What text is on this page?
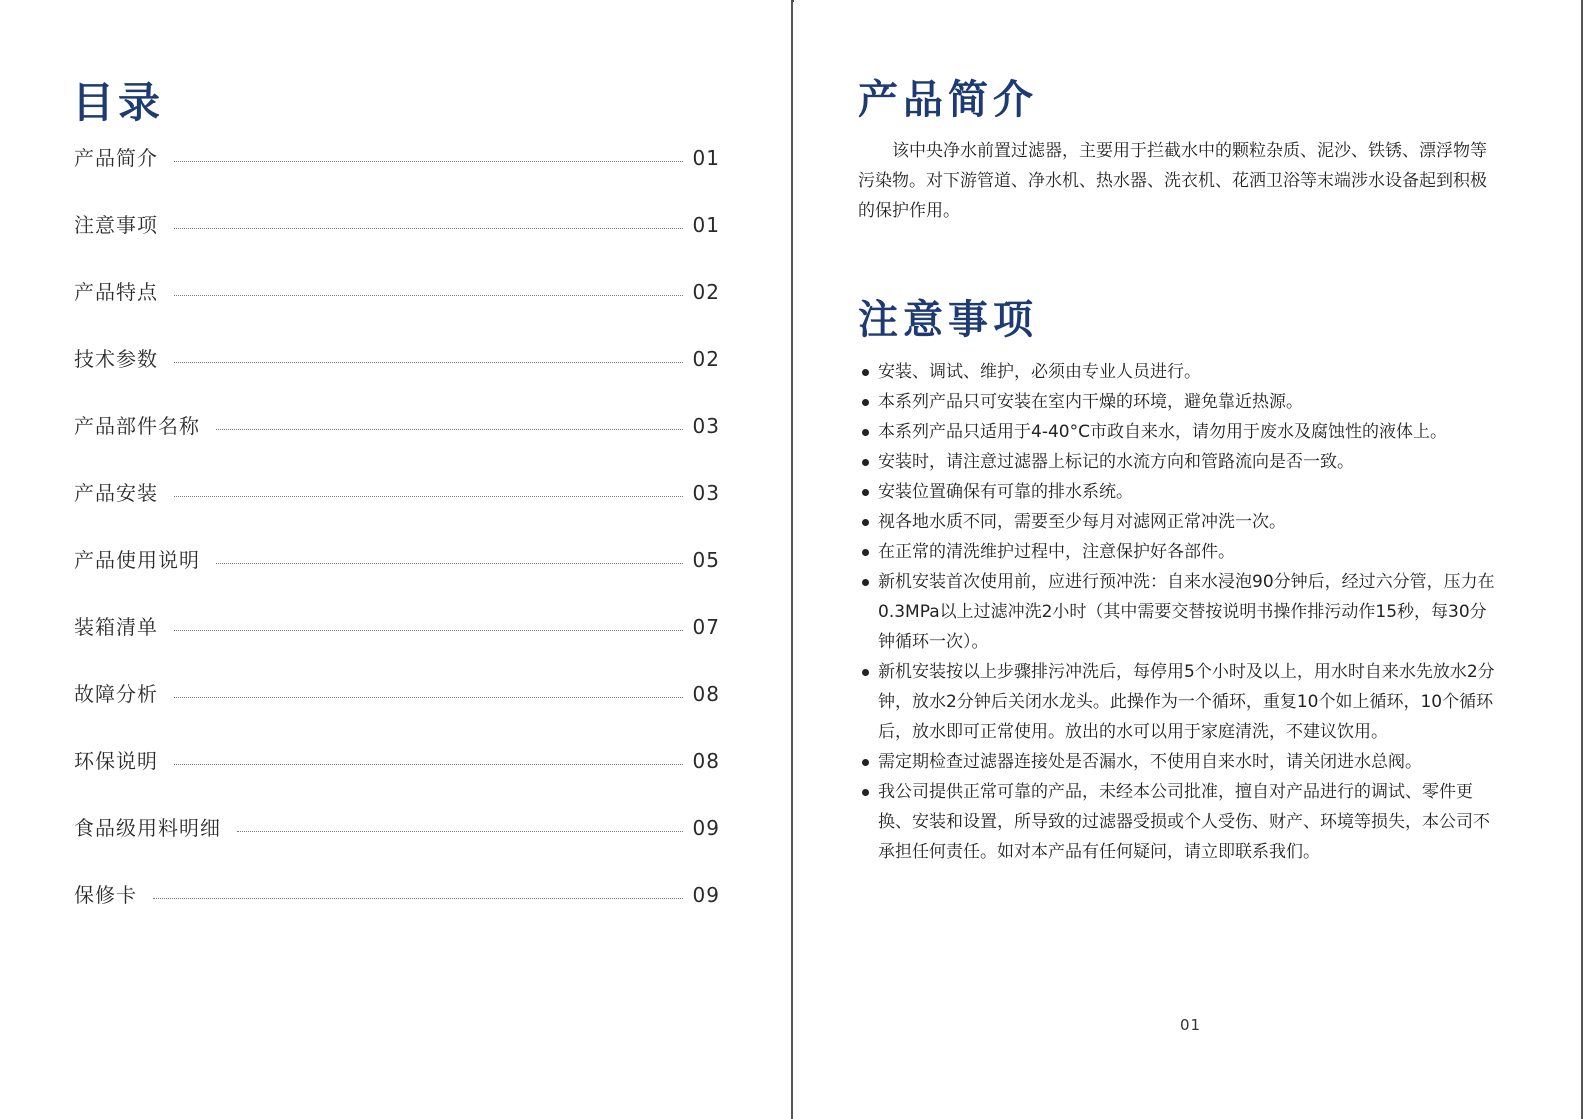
目录
产品简介	01
注意事项	01
产品特点	02
技术参数	02
产品部件名称	03
产品安装	03
产品使用说明	05
装箱清单	07
故障分析	08
环保说明	08
食品级用料明细	09
保修卡	09
产品简介

该中央净水前置过滤器，主要用于拦截水中的颗粒杂质、泥沙、铁锈、漂浮物等污染物。对下游管道、净水机、热水器、洗衣机、花洒卫浴等末端涉水设备起到积极的保护作用。

注意事项
安装、调试、维护，必须由专业人员进行。
本系列产品只可安装在室内干燥的环境，避免靠近热源。
本系列产品只适用于4-40°C市政自来水，请勿用于废水及腐蚀性的液体上。
安装时，请注意过滤器上标记的水流方向和管路流向是否一致。
安装位置确保有可靠的排水系统。
视各地水质不同，需要至少每月对滤网正常冲洗一次。
在正常的清洗维护过程中，注意保护好各部件。
新机安装首次使用前，应进行预冲洗：自来水浸泡90分钟后，经过六分管，压力在0.3MPa以上过滤冲洗2小时（其中需要交替按说明书操作排污动作15秒，每30分钟循环一次）。
新机安装按以上步骤排污冲洗后，每停用5个小时及以上，用水时自来水先放水2分钟，放水2分钟后关闭水龙头。此操作为一个循环，重复10个如上循环，10个循环后，放水即可正常使用。放出的水可以用于家庭清洗，不建议饮用。
需定期检查过滤器连接处是否漏水，不使用自来水时，请关闭进水总阀。
我公司提供正常可靠的产品，未经本公司批准，擅自对产品进行的调试、零件更换、安装和设置，所导致的过滤器受损或个人受伤、财产、环境等损失，本公司不承担任何责任。如对本产品有任何疑问，请立即联系我们。
01
